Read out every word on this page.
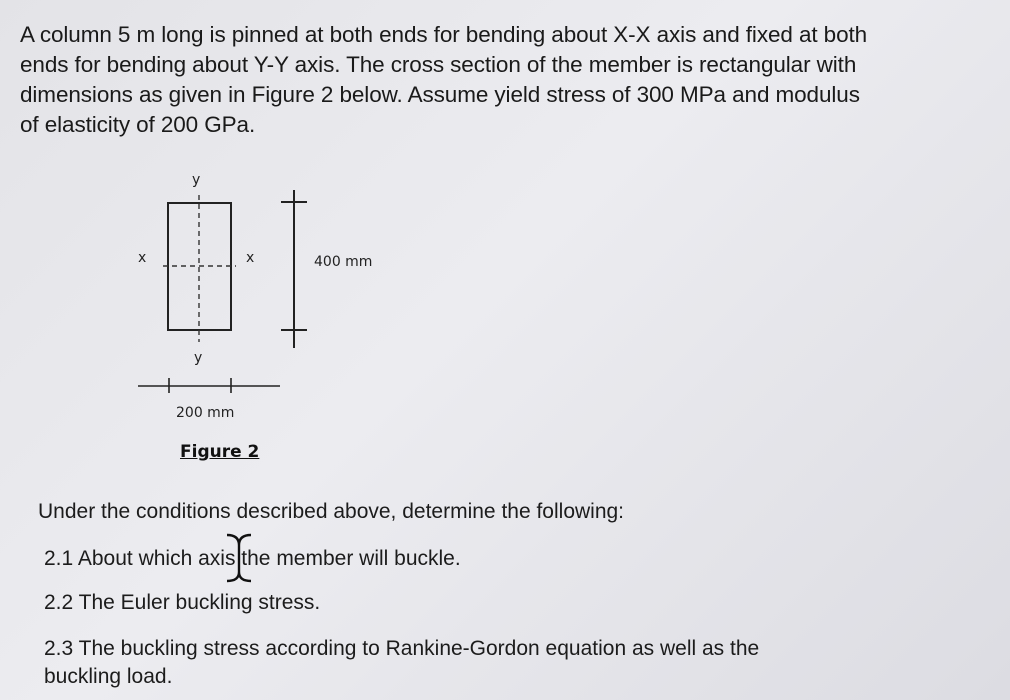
A column 5 m long is pinned at both ends for bending about X-X axis and fixed at both
ends for bending about Y-Y axis. The cross section of the member is rectangular with
dimensions as given in Figure 2 below. Assume yield stress of 300 MPa and modulus
of elasticity of 200 GPa.
y
y
x	x	400 mm
200 mm
Figure 2
Under the conditions described above, determine the following:
2.1 About which axis the member will buckle.
2.2 The Euler buckling stress.
2.3 The buckling stress according to Rankine-Gordon equation as well as the
buckling load.
